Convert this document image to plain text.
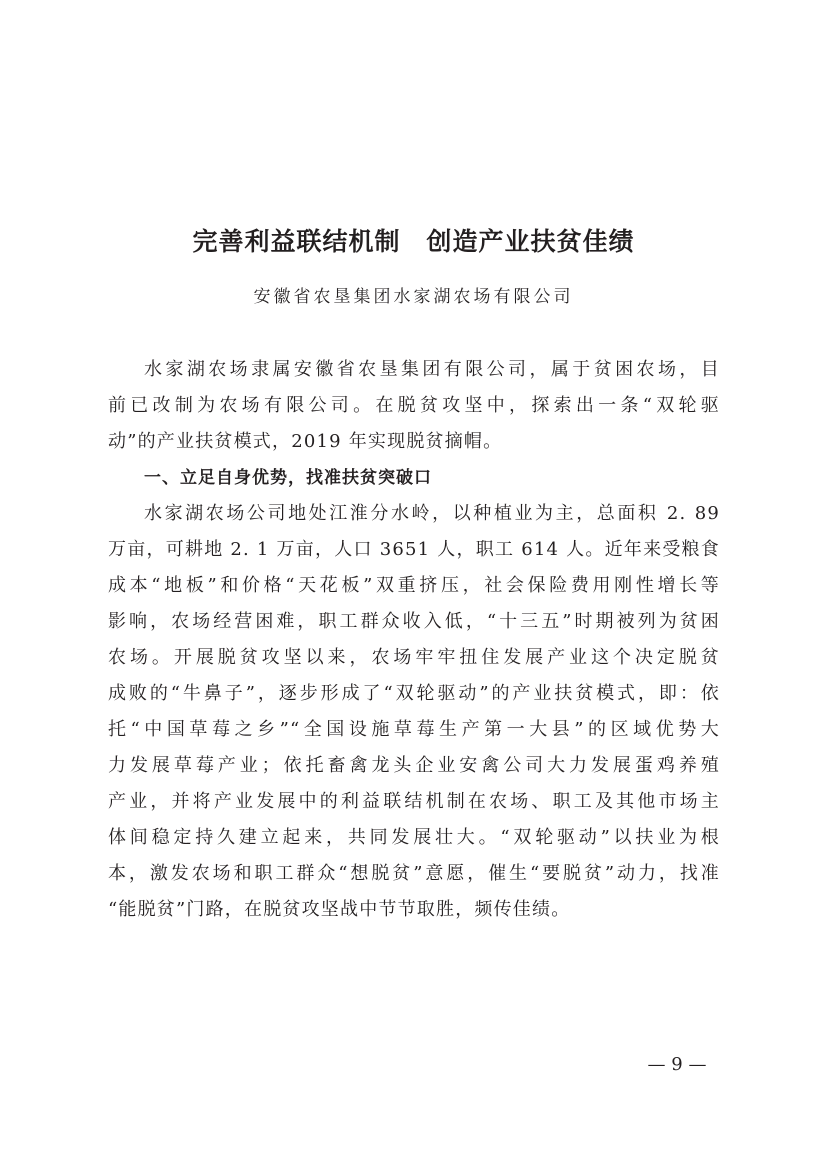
完善利益联结机制　创造产业扶贫佳绩
安徽省农垦集团水家湖农场有限公司
水家湖农场隶属安徽省农垦集团有限公司，属于贫困农场，目
前已改制为农场有限公司。在脱贫攻坚中，探索出一条“双轮驱
动”的产业扶贫模式，2019 年实现脱贫摘帽。
一、立足自身优势，找准扶贫突破口
水家湖农场公司地处江淮分水岭，以种植业为主，总面积 2. 89
万亩，可耕地 2. 1 万亩，人口 3651 人，职工 614 人。近年来受粮食
成本“地板”和价格“天花板”双重挤压，社会保险费用刚性增长等
影响，农场经营困难，职工群众收入低，“十三五”时期被列为贫困
农场。开展脱贫攻坚以来，农场牢牢扭住发展产业这个决定脱贫
成败的“牛鼻子”，逐步形成了“双轮驱动”的产业扶贫模式，即：依
托“中国草莓之乡”“全国设施草莓生产第一大县”的区域优势大
力发展草莓产业；依托畜禽龙头企业安禽公司大力发展蛋鸡养殖
产业，并将产业发展中的利益联结机制在农场、职工及其他市场主
体间稳定持久建立起来，共同发展壮大。“双轮驱动”以扶业为根
本，激发农场和职工群众“想脱贫”意愿，催生“要脱贫”动力，找准
“能脱贫”门路，在脱贫攻坚战中节节取胜，频传佳绩。
— 9 —
